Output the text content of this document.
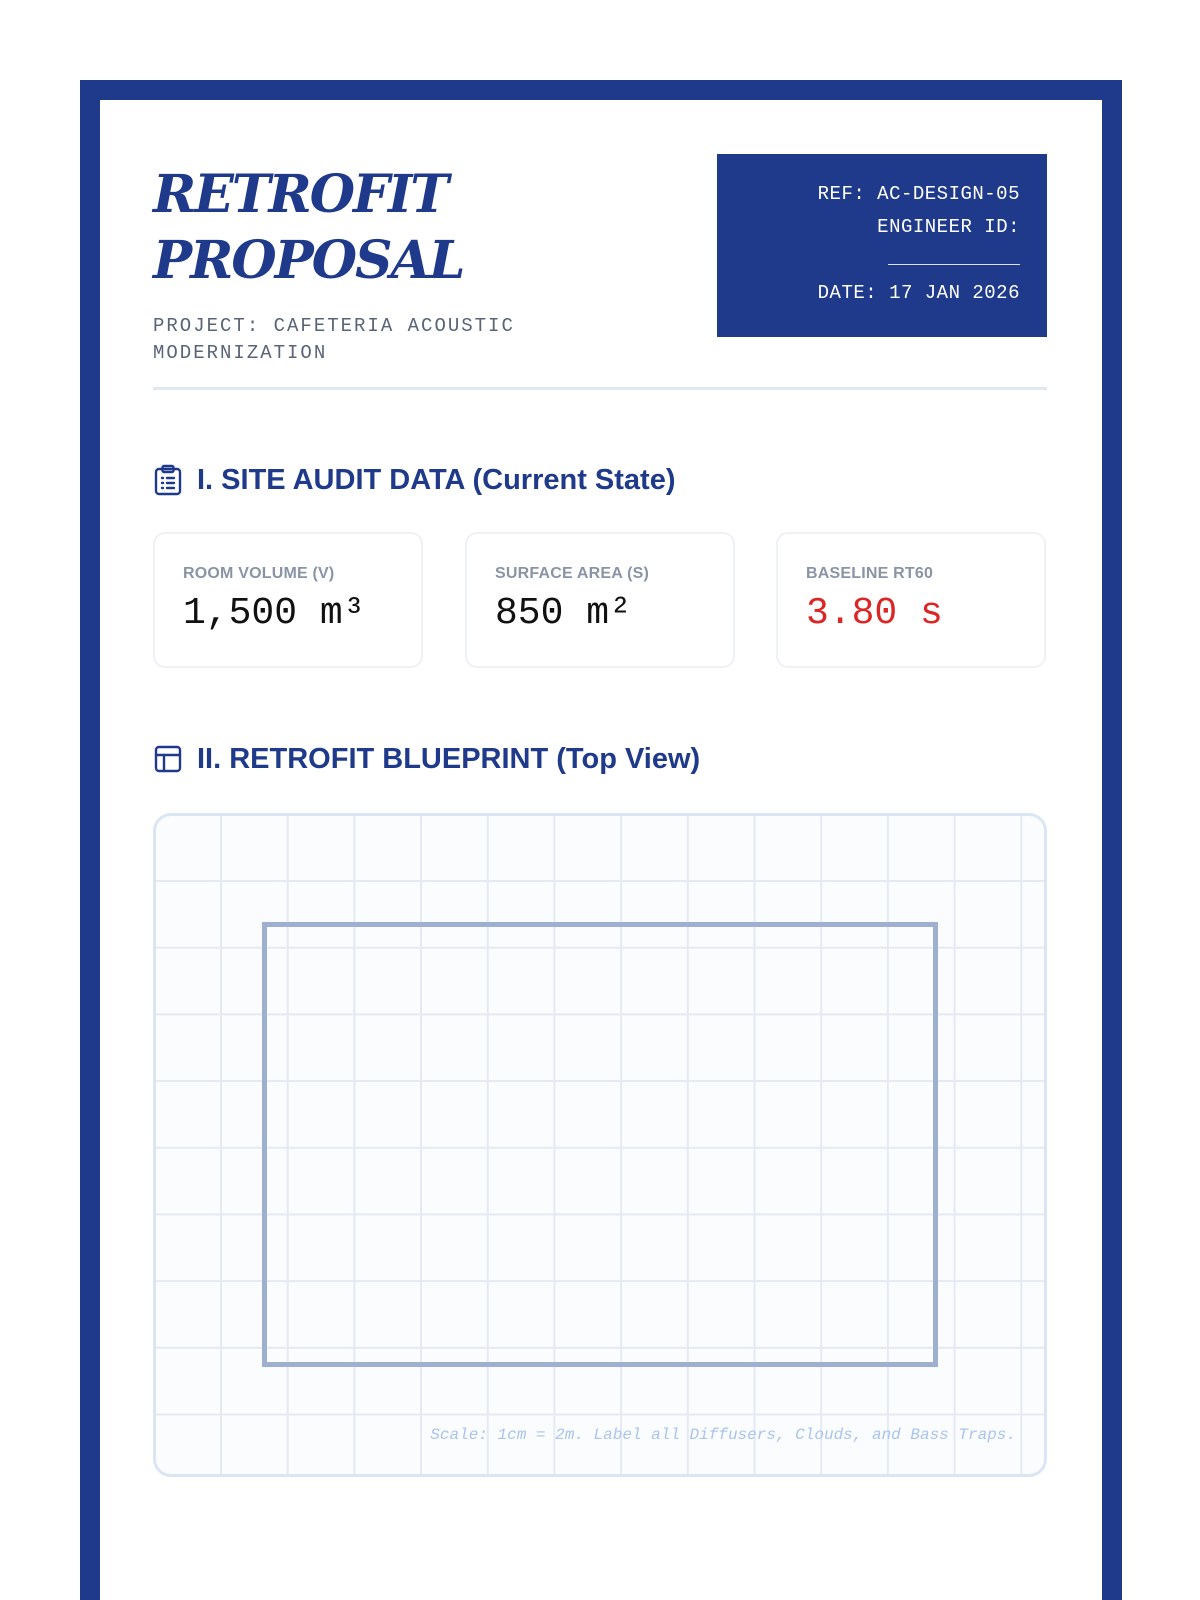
RETROFIT
PROPOSAL
PROJECT: CAFETERIA ACOUSTIC MODERNIZATION
REF: AC-DESIGN-05
ENGINEER ID:
DATE: 17 JAN 2026
I. SITE AUDIT DATA (Current State)
ROOM VOLUME (V)
1,500 m³
SURFACE AREA (S)
850 m²
BASELINE RT60
3.80 s
II. RETROFIT BLUEPRINT (Top View)
Scale: 1cm = 2m. Label all Diffusers, Clouds, and Bass Traps.
